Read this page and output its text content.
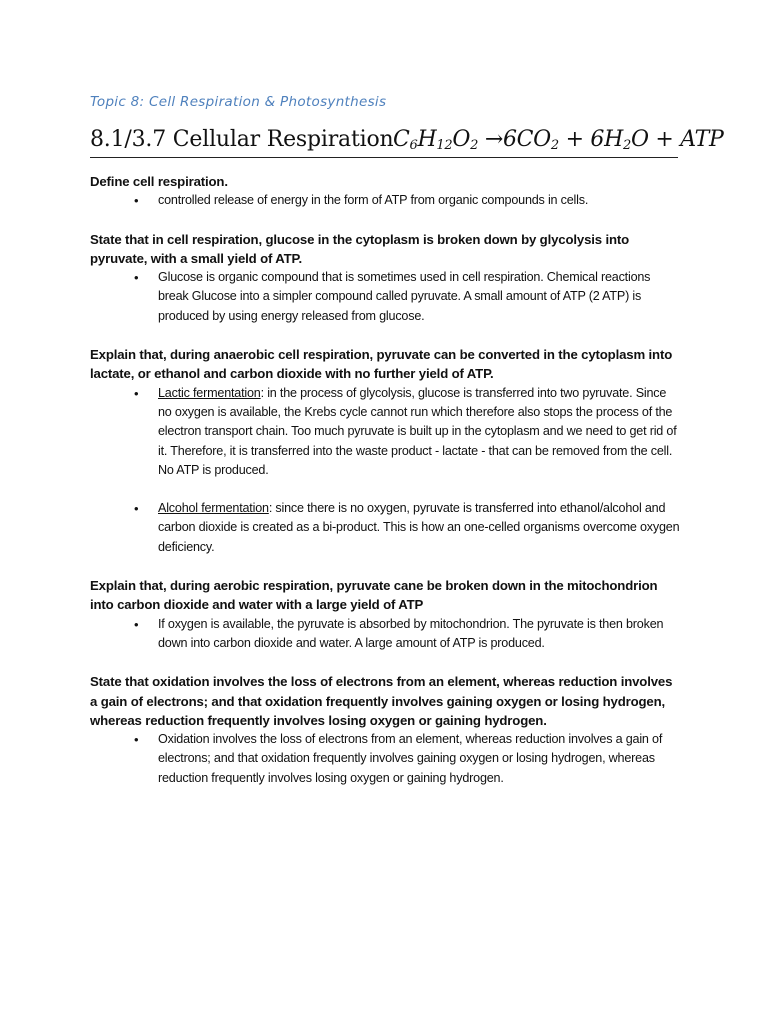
Topic 8: Cell Respiration & Photosynthesis
8.1/3.7 Cellular Respiration $C_6H_{12}O_2 \to 6CO_2 + 6H_2O$ + ATP
Define cell respiration.
• controlled release of energy in the form of ATP from organic compounds in cells.
State that in cell respiration, glucose in the cytoplasm is broken down by glycolysis into pyruvate, with a small yield of ATP.
• Glucose is organic compound that is sometimes used in cell respiration. Chemical reactions break Glucose into a simpler compound called pyruvate. A small amount of ATP (2 ATP) is produced by using energy released from glucose.
Explain that, during anaerobic cell respiration, pyruvate can be converted in the cytoplasm into lactate, or ethanol and carbon dioxide with no further yield of ATP.
• Lactic fermentation: in the process of glycolysis, glucose is transferred into two pyruvate. Since no oxygen is available, the Krebs cycle cannot run which therefore also stops the process of the electron transport chain. Too much pyruvate is built up in the cytoplasm and we need to get rid of it. Therefore, it is transferred into the waste product - lactate - that can be removed from the cell. No ATP is produced.
• Alcohol fermentation: since there is no oxygen, pyruvate is transferred into ethanol/alcohol and carbon dioxide is created as a bi-product. This is how an one-celled organisms overcome oxygen deficiency.
Explain that, during aerobic respiration, pyruvate cane be broken down in the mitochondrion into carbon dioxide and water with a large yield of ATP
• If oxygen is available, the pyruvate is absorbed by mitochondrion. The pyruvate is then broken down into carbon dioxide and water. A large amount of ATP is produced.
State that oxidation involves the loss of electrons from an element, whereas reduction involves a gain of electrons; and that oxidation frequently involves gaining oxygen or losing hydrogen, whereas reduction frequently involves losing oxygen or gaining hydrogen.
• Oxidation involves the loss of electrons from an element, whereas reduction involves a gain of electrons; and that oxidation frequently involves gaining oxygen or losing hydrogen, whereas reduction frequently involves losing oxygen or gaining hydrogen.
